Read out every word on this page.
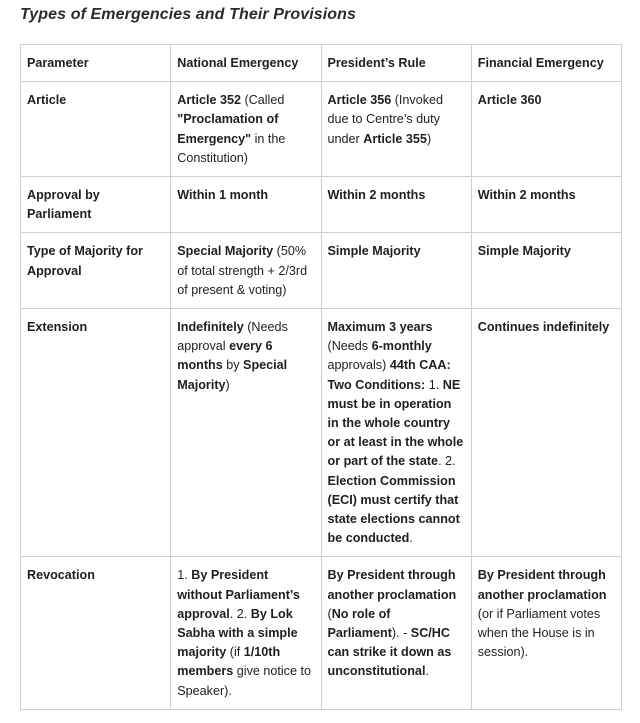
Types of Emergencies and Their Provisions
Parameter	National Emergency	President’s Rule	Financial Emergency
Article	Article 352 (Called "Proclamation of Emergency" in the Constitution)	Article 356 (Invoked due to Centre’s duty under Article 355)	Article 360
Approval by Parliament	Within 1 month	Within 2 months	Within 2 months
Type of Majority for Approval	Special Majority (50% of total strength + 2/3rd of present & voting)	Simple Majority	Simple Majority
Extension	Indefinitely (Needs approval every 6 months by Special Majority)	Maximum 3 years (Needs 6-monthly approvals) 44th CAA: Two Conditions: 1. NE must be in operation in the whole country or at least in the whole or part of the state. 2. Election Commission (ECI) must certify that state elections cannot be conducted.	Continues indefinitely
Revocation	1. By President without Parliament’s approval. 2. By Lok Sabha with a simple majority (if 1/10th members give notice to Speaker).	By President through another proclamation (No role of Parliament). - SC/HC can strike it down as unconstitutional.	By President through another proclamation (or if Parliament votes when the House is in session).
